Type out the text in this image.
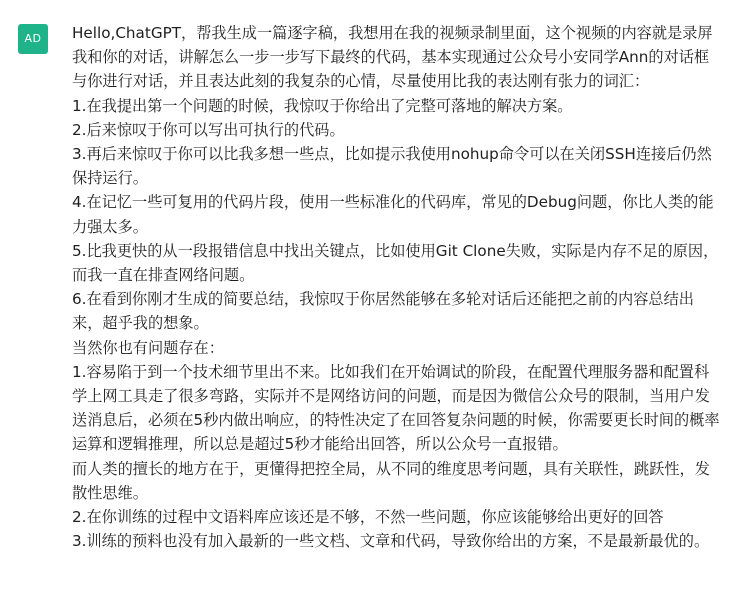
AD	Hello,ChatGPT，帮我生成一篇逐字稿，我想用在我的视频录制里面，这个视频的内容就是录屏我和你的对话，讲解怎么一步一步写下最终的代码，基本实现通过公众号小安同学Ann的对话框与你进行对话，并且表达此刻的我复杂的心情，尽量使用比我的表达刚有张力的词汇：
1.在我提出第一个问题的时候，我惊叹于你给出了完整可落地的解决方案。
2.后来惊叹于你可以写出可执行的代码。
3.再后来惊叹于你可以比我多想一些点，比如提示我使用nohup命令可以在关闭SSH连接后仍然保持运行。
4.在记忆一些可复用的代码片段，使用一些标准化的代码库，常见的Debug问题，你比人类的能力强太多。
5.比我更快的从一段报错信息中找出关键点，比如使用Git Clone失败，实际是内存不足的原因，而我一直在排查网络问题。
6.在看到你刚才生成的简要总结，我惊叹于你居然能够在多轮对话后还能把之前的内容总结出来，超乎我的想象。
当然你也有问题存在：
1.容易陷于到一个技术细节里出不来。比如我们在开始调试的阶段，在配置代理服务器和配置科学上网工具走了很多弯路，实际并不是网络访问的问题，而是因为微信公众号的限制，当用户发送消息后，必须在5秒内做出响应，的特性决定了在回答复杂问题的时候，你需要更长时间的概率运算和逻辑推理，所以总是超过5秒才能给出回答，所以公众号一直报错。
而人类的擅长的地方在于，更懂得把控全局，从不同的维度思考问题，具有关联性，跳跃性，发散性思维。
2.在你训练的过程中文语料库应该还是不够，不然一些问题，你应该能够给出更好的回答
3.训练的预料也没有加入最新的一些文档、文章和代码，导致你给出的方案，不是最新最优的。
